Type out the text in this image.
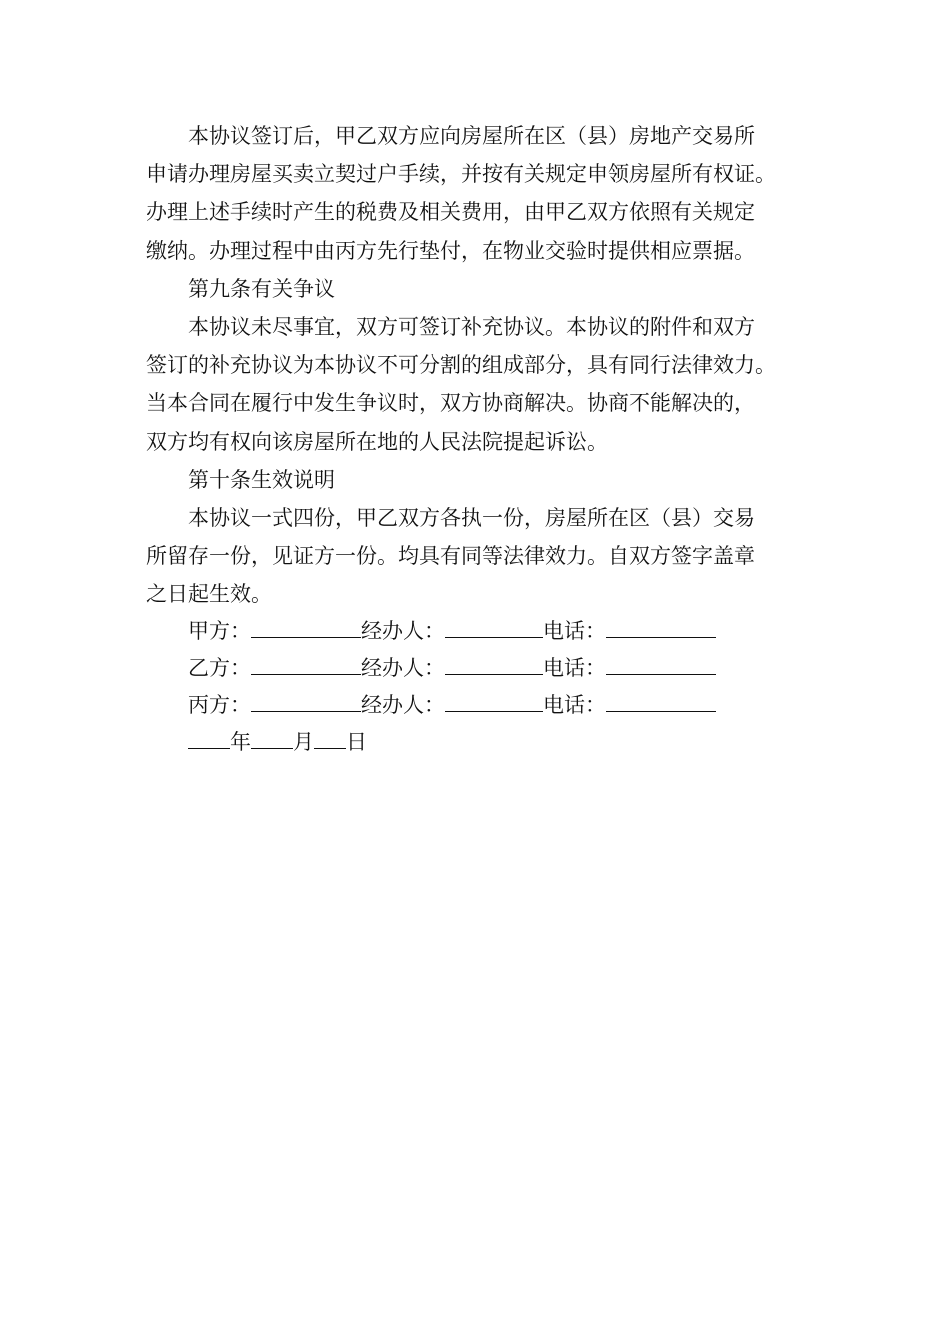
本协议签订后，甲乙双方应向房屋所在区（县）房地产交易所

申请办理房屋买卖立契过户手续，并按有关规定申领房屋所有权证。

办理上述手续时产生的税费及相关费用，由甲乙双方依照有关规定

缴纳。办理过程中由丙方先行垫付，在物业交验时提供相应票据。

第九条有关争议

本协议未尽事宜，双方可签订补充协议。本协议的附件和双方

签订的补充协议为本协议不可分割的组成部分，具有同行法律效力。

当本合同在履行中发生争议时，双方协商解决。协商不能解决的，

双方均有权向该房屋所在地的人民法院提起诉讼。

第十条生效说明

本协议一式四份，甲乙双方各执一份，房屋所在区（县）交易

所留存一份，见证方一份。均具有同等法律效力。自双方签字盖章

之日起生效。

甲方：	经办人：	电话：
乙方：	经办人：	电话：
丙方：	经办人：	电话：
年 月 日
